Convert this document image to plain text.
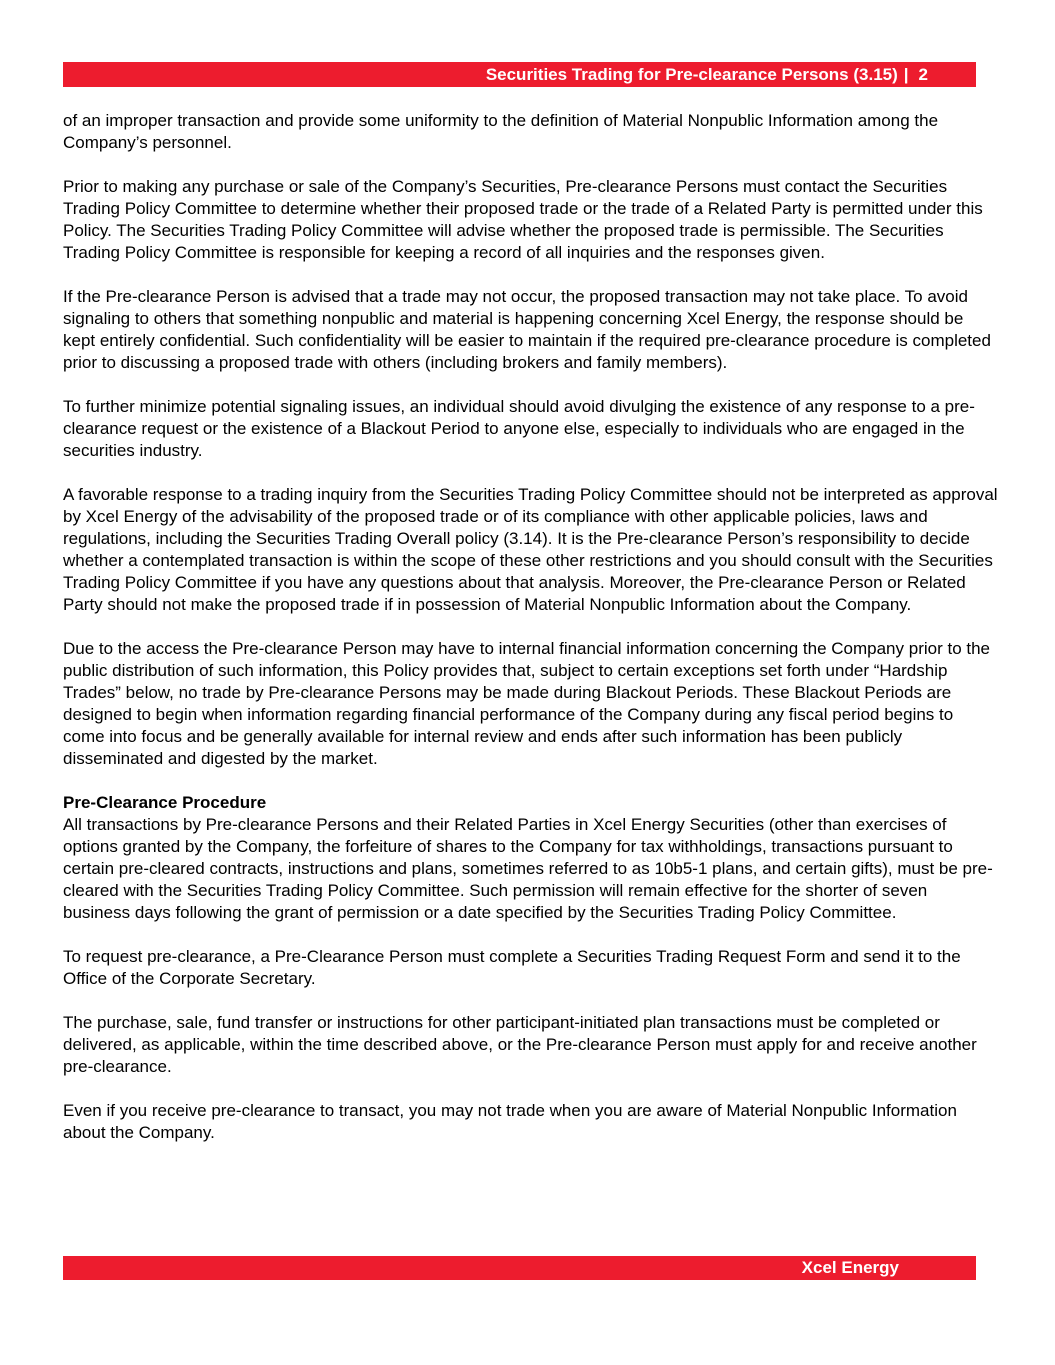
Securities Trading for Pre-clearance Persons (3.15) | 2

of an improper transaction and provide some uniformity to the definition of Material Nonpublic Information among the Company’s personnel.

Prior to making any purchase or sale of the Company’s Securities, Pre-clearance Persons must contact the Securities Trading Policy Committee to determine whether their proposed trade or the trade of a Related Party is permitted under this Policy. The Securities Trading Policy Committee will advise whether the proposed trade is permissible. The Securities Trading Policy Committee is responsible for keeping a record of all inquiries and the responses given.

If the Pre-clearance Person is advised that a trade may not occur, the proposed transaction may not take place. To avoid signaling to others that something nonpublic and material is happening concerning Xcel Energy, the response should be kept entirely confidential. Such confidentiality will be easier to maintain if the required pre-clearance procedure is completed prior to discussing a proposed trade with others (including brokers and family members).

To further minimize potential signaling issues, an individual should avoid divulging the existence of any response to a pre-clearance request or the existence of a Blackout Period to anyone else, especially to individuals who are engaged in the securities industry.

A favorable response to a trading inquiry from the Securities Trading Policy Committee should not be interpreted as approval by Xcel Energy of the advisability of the proposed trade or of its compliance with other applicable policies, laws and regulations, including the Securities Trading Overall policy (3.14). It is the Pre-clearance Person’s responsibility to decide whether a contemplated transaction is within the scope of these other restrictions and you should consult with the Securities Trading Policy Committee if you have any questions about that analysis. Moreover, the Pre-clearance Person or Related Party should not make the proposed trade if in possession of Material Nonpublic Information about the Company.

Due to the access the Pre-clearance Person may have to internal financial information concerning the Company prior to the public distribution of such information, this Policy provides that, subject to certain exceptions set forth under “Hardship Trades” below, no trade by Pre-clearance Persons may be made during Blackout Periods. These Blackout Periods are designed to begin when information regarding financial performance of the Company during any fiscal period begins to come into focus and be generally available for internal review and ends after such information has been publicly disseminated and digested by the market.

Pre-Clearance Procedure

All transactions by Pre-clearance Persons and their Related Parties in Xcel Energy Securities (other than exercises of options granted by the Company, the forfeiture of shares to the Company for tax withholdings, transactions pursuant to certain pre-cleared contracts, instructions and plans, sometimes referred to as 10b5-1 plans, and certain gifts), must be pre-cleared with the Securities Trading Policy Committee. Such permission will remain effective for the shorter of seven business days following the grant of permission or a date specified by the Securities Trading Policy Committee.

To request pre-clearance, a Pre-Clearance Person must complete a Securities Trading Request Form and send it to the Office of the Corporate Secretary.

The purchase, sale, fund transfer or instructions for other participant-initiated plan transactions must be completed or delivered, as applicable, within the time described above, or the Pre-clearance Person must apply for and receive another pre-clearance.

Even if you receive pre-clearance to transact, you may not trade when you are aware of Material Nonpublic Information about the Company.

Xcel Energy
